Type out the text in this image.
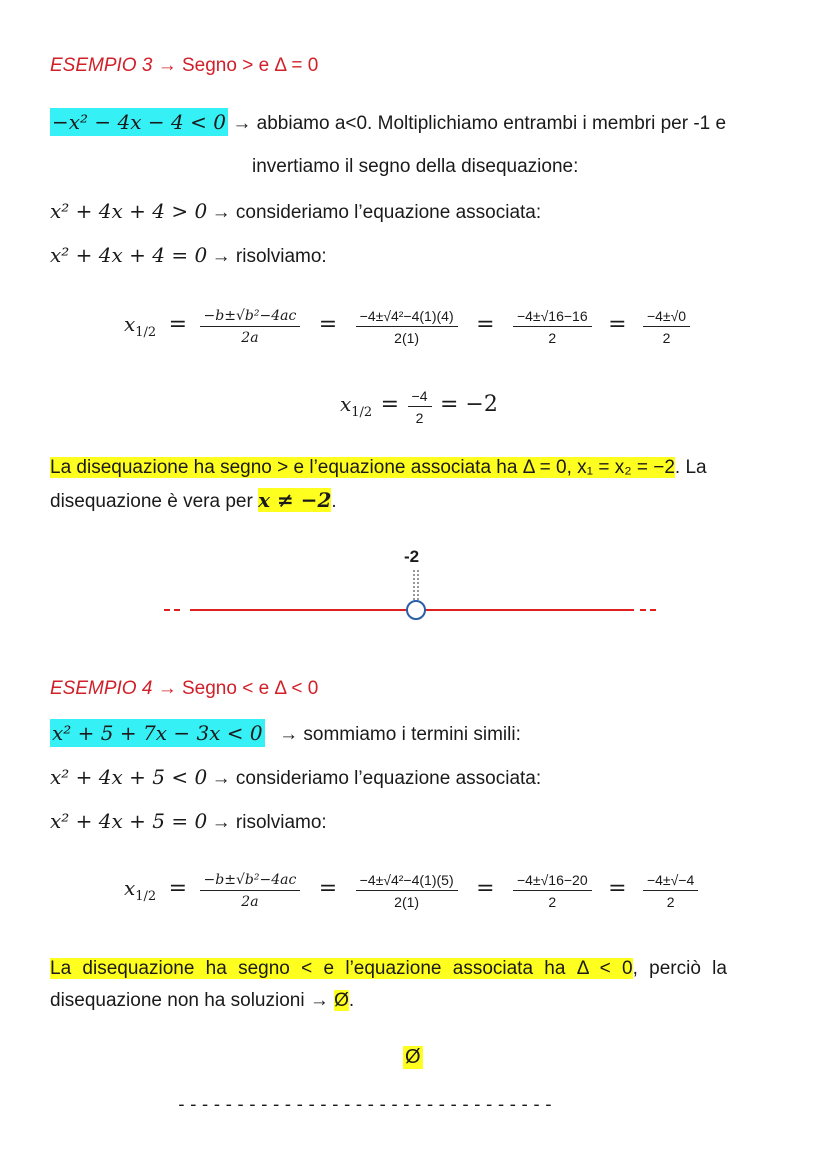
ESEMPIO 3 → Segno > e Δ = 0
−x² − 4x − 4 < 0 → abbiamo a<0. Moltiplichiamo entrambi i membri per -1 e
invertiamo il segno della disequazione:
x² + 4x + 4 > 0 → consideriamo l’equazione associata:
x² + 4x + 4 = 0 → risolviamo:
$x_{1/2} = \frac{\text{−b±√b²−4ac}}{2a} = \frac{\text{−4±√4²−4(1)(4)}}{2(1)} = \frac{-4\pm√16-16}{2} = \frac{-4\pm√0}{2}$
$x_{1/2} = \frac{-4}{2} = -2$
La disequazione ha segno > e l’equazione associata ha Δ = 0, x₁ = x₂ = −2. La
disequazione è vera per x ≠ −2.
-2
ESEMPIO 4 → Segno < e Δ < 0
x² + 5 + 7x − 3x < 0 → sommiamo i termini simili:
x² + 4x + 5 < 0 → consideriamo l’equazione associata:
x² + 4x + 5 = 0 → risolviamo:
$x_{1/2} = \frac{\text{−b±√b²−4ac}}{2a} = \frac{\text{−4±√4²−4(1)(5)}}{2(1)} = \frac{-4\pm√16-20}{2} = \frac{-4\pm√-4}{2}$
La disequazione ha segno < e l’equazione associata ha Δ < 0, perciò la
disequazione non ha soluzioni → Ø.
Ø
--------------------------------
